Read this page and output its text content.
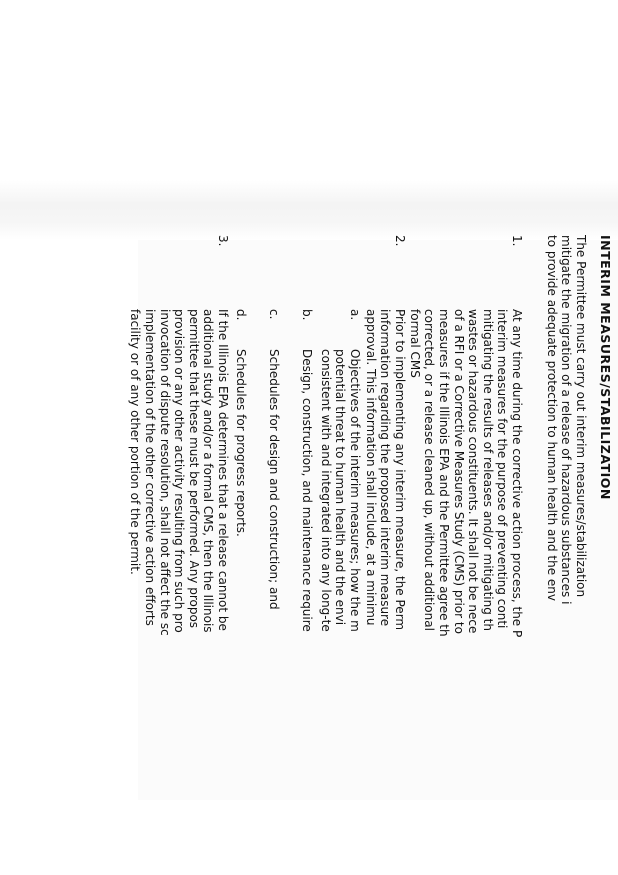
INTERIM MEASURES/STABILIZATION
The Permittee must carry out interim measures/stabilization
mitigate the migration of a release of hazardous substances i
to provide adequate protection to human health and the env
1.
At any time during the corrective action process, the P
interim measures for the purpose of preventing conti
mitigating the results of releases and/or mitigating th
wastes or hazardous constituents. It shall not be nece
of a RFI or a Corrective Measures Study (CMS) prior to
measures if the Illinois EPA and the Permittee agree th
corrected, or a release cleaned up, without additional
formal CMS
2.
Prior to implementing any interim measure, the Perm
information regarding the proposed interim measure
approval. This information shall include, at a minimu
a.
Objectives of the interim measures; how the m
potential threat to human health and the envi
consistent with and integrated into any long-te
b.
Design, construction, and maintenance require
c.
Schedules for design and construction; and
d.
Schedules for progress reports.
3.
If the Illinois EPA determines that a release cannot be
additional study and/or a formal CMS, then the Illinois
permittee that these must be performed. Any propos
provision or any other activity resulting from such pro
invocation of dispute resolution, shall not affect the sc
implementation of the other corrective action efforts
facility or of any other portion of the permit.
